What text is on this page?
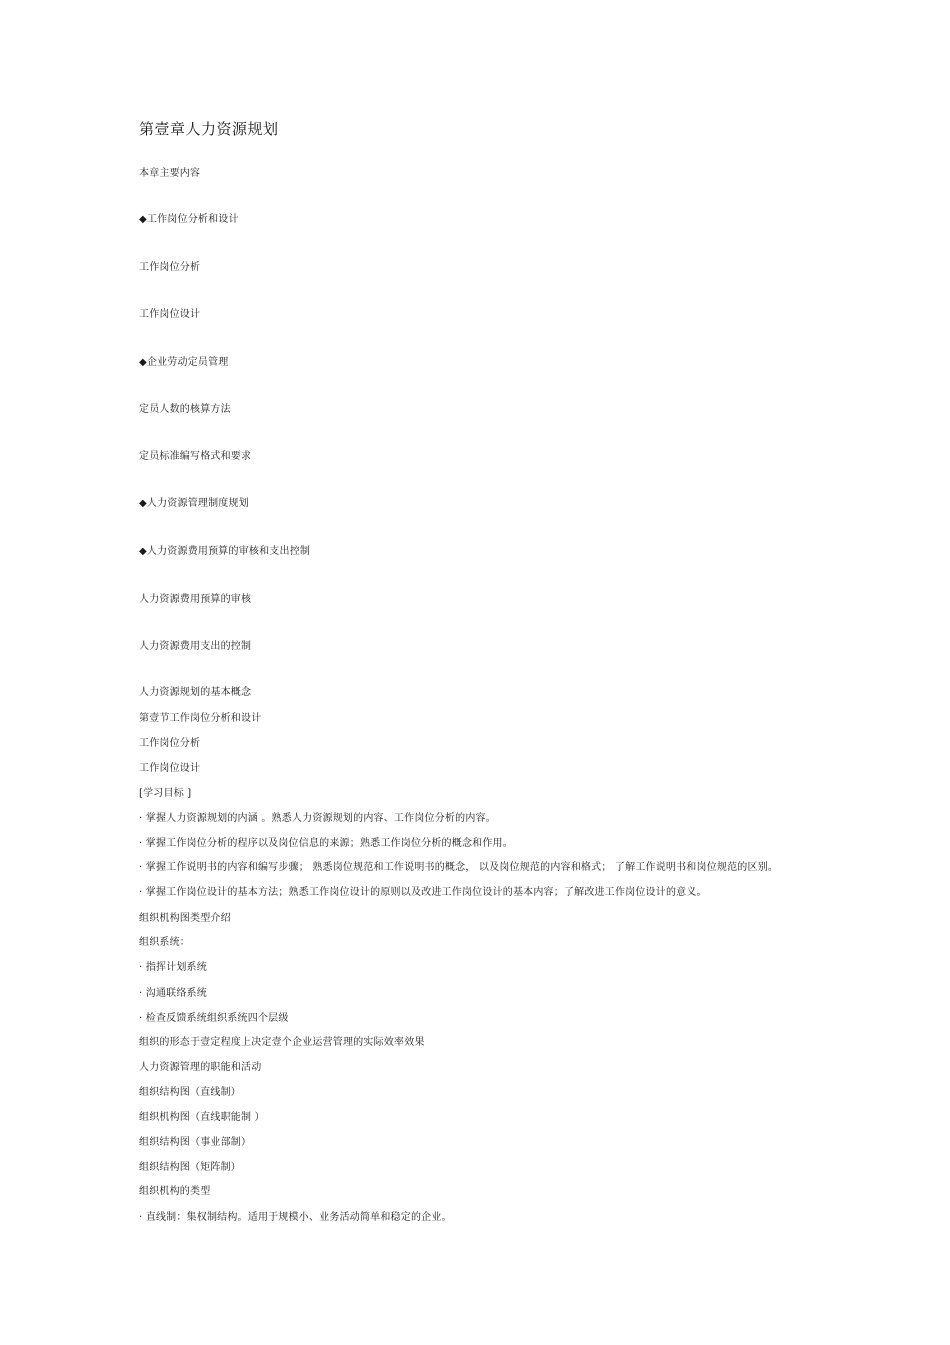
第壹章人力资源规划
本章主要内容
◆工作岗位分析和设计
工作岗位分析
工作岗位设计
◆企业劳动定员管理
定员人数的核算方法
定员标准编写格式和要求
◆人力资源管理制度规划
◆人力资源费用预算的审核和支出控制
人力资源费用预算的审核
人力资源费用支出的控制
人力资源规划的基本概念
第壹节工作岗位分析和设计
工作岗位分析
工作岗位设计
[学习目标 ]
· 掌握人力资源规划的内涵 。熟悉人力资源规划的内容、工作岗位分析的内容。
· 掌握工作岗位分析的程序以及岗位信息的来源；熟悉工作岗位分析的概念和作用。
· 掌握工作说明书的内容和编写步骤； 熟悉岗位规范和工作说明书的概念， 以及岗位规范的内容和格式； 了解工作说明书和岗位规范的区别。
· 掌握工作岗位设计的基本方法；熟悉工作岗位设计的原则以及改进工作岗位设计的基本内容；了解改进工作岗位设计的意义。
组织机构图类型介绍
组织系统：
· 指挥计划系统
· 沟通联络系统
· 检查反馈系统组织系统四个层级
组织的形态于壹定程度上决定壹个企业运营管理的实际效率效果
人力资源管理的职能和活动
组织结构图（直线制）
组织机构图（直线职能制 ）
组织结构图（事业部制）
组织结构图（矩阵制）
组织机构的类型
· 直线制：集权制结构。适用于规模小、业务活动简单和稳定的企业。
